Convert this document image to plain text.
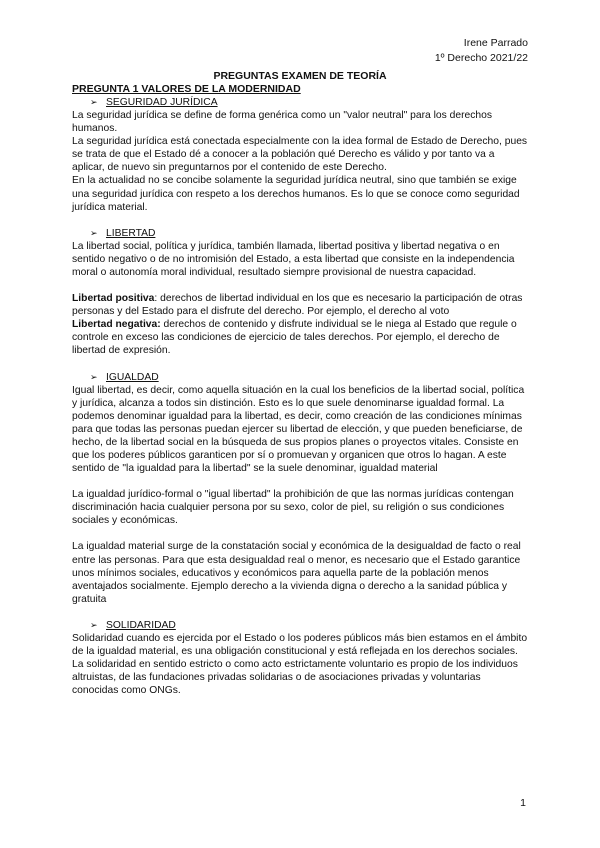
Irene Parrado
1º Derecho 2021/22

PREGUNTAS EXAMEN DE TEORÍA

PREGUNTA 1 VALORES DE LA MODERNIDAD

➢ SEGURIDAD JURÍDICA

La seguridad jurídica se define de forma genérica como un "valor neutral" para los derechos humanos.

La seguridad jurídica está conectada especialmente con la idea formal de Estado de Derecho, pues se trata de que el Estado dé a conocer a la población qué Derecho es válido y por tanto va a aplicar, de nuevo sin preguntarnos por el contenido de este Derecho.

En la actualidad no se concibe solamente la seguridad jurídica neutral, sino que también se exige una seguridad jurídica con respeto a los derechos humanos. Es lo que se conoce como seguridad jurídica material.

➢ LIBERTAD

La libertad social, política y jurídica, también llamada, libertad positiva y libertad negativa o en sentido negativo o de no intromisión del Estado, a esta libertad que consiste en la independencia moral o autonomía moral individual, resultado siempre provisional de nuestra capacidad.

Libertad positiva: derechos de libertad individual en los que es necesario la participación de otras personas y del Estado para el disfrute del derecho. Por ejemplo, el derecho al voto

Libertad negativa: derechos de contenido y disfrute individual se le niega al Estado que regule o controle en exceso las condiciones de ejercicio de tales derechos. Por ejemplo, el derecho de libertad de expresión.

➢ IGUALDAD

Igual libertad, es decir, como aquella situación en la cual los beneficios de la libertad social, política y jurídica, alcanza a todos sin distinción. Esto es lo que suele denominarse igualdad formal. La podemos denominar igualdad para la libertad, es decir, como creación de las condiciones mínimas para que todas las personas puedan ejercer su libertad de elección, y que pueden beneficiarse, de hecho, de la libertad social en la búsqueda de sus propios planes o proyectos vitales. Consiste en que los poderes públicos garanticen por sí o promuevan y organicen que otros lo hagan. A este sentido de "la igualdad para la libertad" se la suele denominar, igualdad material

La igualdad jurídico-formal o "igual libertad" la prohibición de que las normas jurídicas contengan discriminación hacia cualquier persona por su sexo, color de piel, su religión o sus condiciones sociales y económicas.

La igualdad material surge de la constatación social y económica de la desigualdad de facto o real entre las personas. Para que esta desigualdad real o menor, es necesario que el Estado garantice unos mínimos sociales, educativos y económicos para aquella parte de la población menos aventajados socialmente. Ejemplo derecho a la vivienda digna o derecho a la sanidad pública y gratuita

➢ SOLIDARIDAD

Solidaridad cuando es ejercida por el Estado o los poderes públicos más bien estamos en el ámbito de la igualdad material, es una obligación constitucional y está reflejada en los derechos sociales. La solidaridad en sentido estricto o como acto estrictamente voluntario es propio de los individuos altruistas, de las fundaciones privadas solidarias o de asociaciones privadas y voluntarias conocidas como ONGs.

1
